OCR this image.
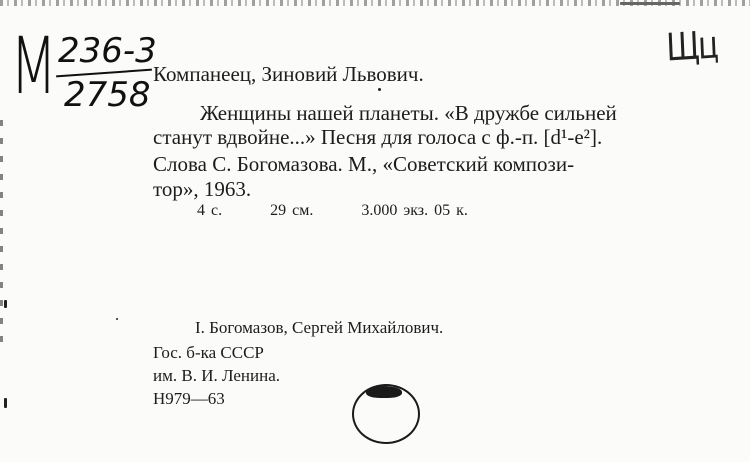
M 236-3
2758
Щц
Компанеец, Зиновий Львович.
Женщины нашей планеты. «В дружбе сильней
станут вдвойне...» Песня для голоса с ф.-п. [d¹-e²].
Слова С. Богомазова. М., «Советский компози-
тор», 1963.
4 с.	29 см.	3.000 экз. 05 к.
I. Богомазов, Сергей Михайлович.
Гос. б-ка СССР
им. В. И. Ленина.
Н979—63
